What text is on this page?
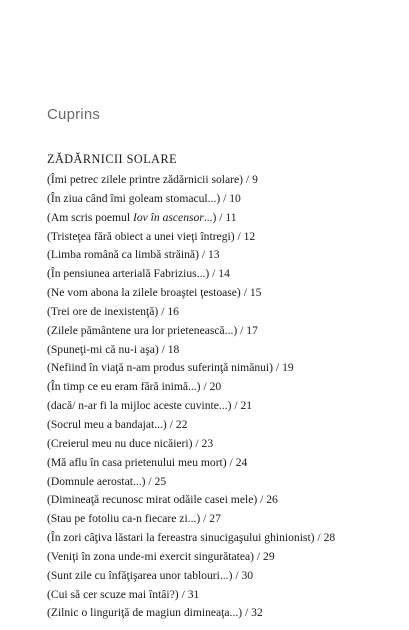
Cuprins
ZĂDĂRNICII SOLARE
(Îmi petrec zilele printre zădărnicii solare) / 9
(În ziua când îmi goleam stomacul...) / 10
(Am scris poemul Iov în ascensor...) / 11
(Tristeţea fără obiect a unei vieţi întregi) / 12
(Limba română ca limbă străină) / 13
(În pensiunea arterială Fabrizius...) / 14
(Ne vom abona la zilele broaştei ţestoase) / 15
(Trei ore de inexistenţă) / 16
(Zilele pământene ura lor prietenească...) / 17
(Spuneţi-mi că nu-i aşa) / 18
(Nefiind în viaţă n-am produs suferinţă nimănui) / 19
(În timp ce eu eram fără inimă...) / 20
(dacă/ n-ar fi la mijloc aceste cuvinte...) / 21
(Socrul meu a bandajat...) / 22
(Creierul meu nu duce nicăieri) / 23
(Mă aflu în casa prietenului meu mort) / 24
(Domnule aerostat...) / 25
(Dimineaţă recunosc mirat odăile casei mele) / 26
(Stau pe fotoliu ca-n fiecare zi...) / 27
(În zori câţiva lăstari la fereastra sinucigaşului ghinionist) / 28
(Veniţi în zona unde-mi exercit singurătatea) / 29
(Sunt zile cu înfăţişarea unor tablouri...) / 30
(Cui să cer scuze mai întâi?) / 31
(Zilnic o linguriţă de magiun dimineaţa...) / 32
